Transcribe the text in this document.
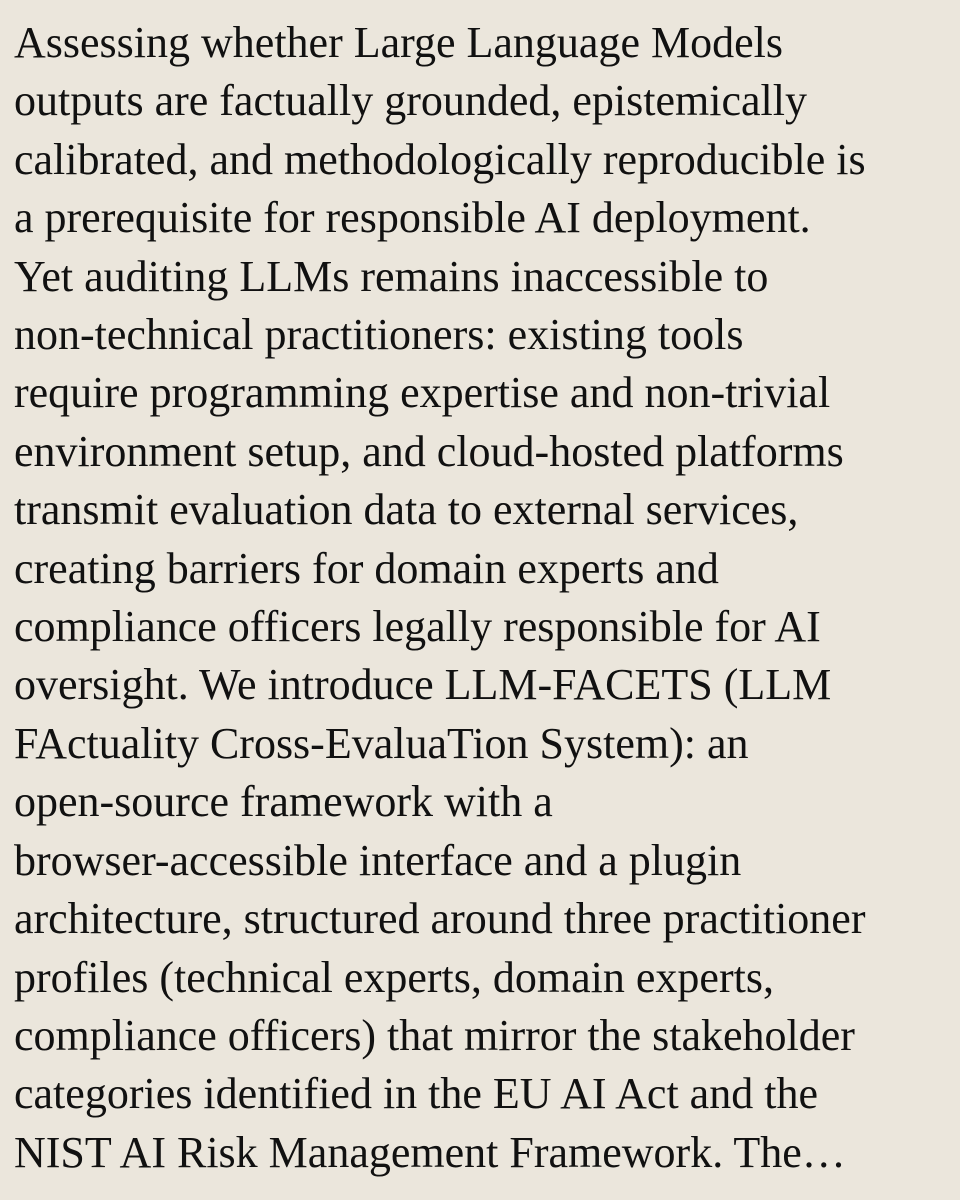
Assessing whether Large Language Models
outputs are factually grounded, epistemically
calibrated, and methodologically reproducible is
a prerequisite for responsible AI deployment.
Yet auditing LLMs remains inaccessible to
non-technical practitioners: existing tools
require programming expertise and non-trivial
environment setup, and cloud-hosted platforms
transmit evaluation data to external services,
creating barriers for domain experts and
compliance officers legally responsible for AI
oversight. We introduce LLM-FACETS (LLM
FActuality Cross-EvaluaTion System): an
open-source framework with a
browser-accessible interface and a plugin
architecture, structured around three practitioner
profiles (technical experts, domain experts,
compliance officers) that mirror the stakeholder
categories identified in the EU AI Act and the
NIST AI Risk Management Framework. The…
